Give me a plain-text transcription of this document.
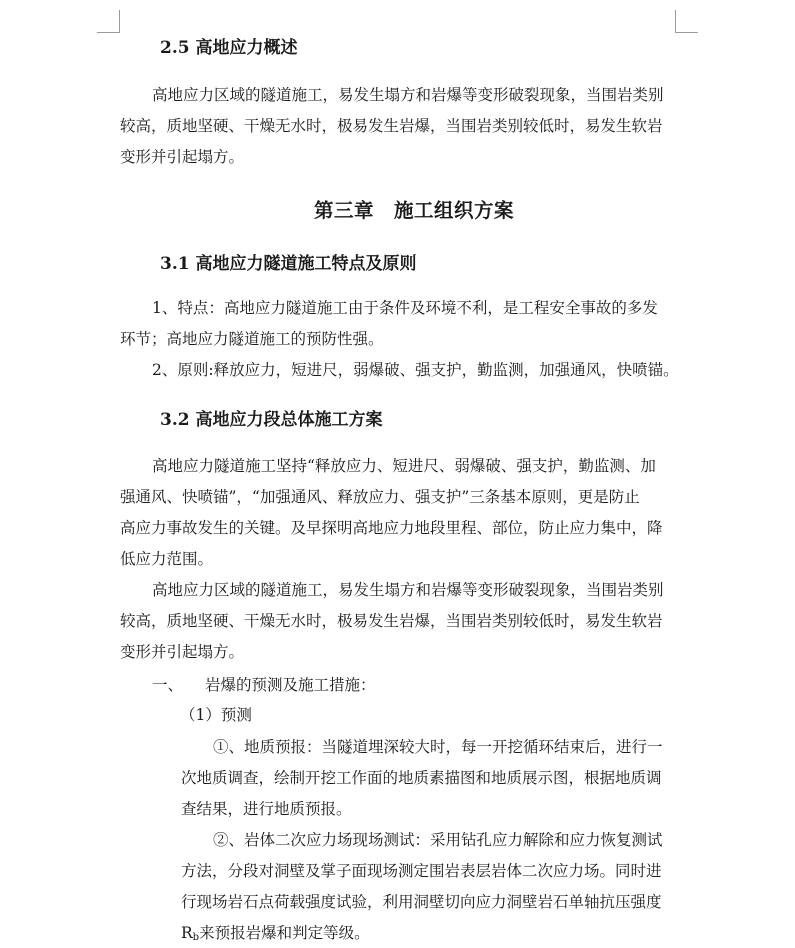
2.5 高地应力概述
高地应力区域的隧道施工，易发生塌方和岩爆等变形破裂现象，当围岩类别
较高，质地坚硬、干燥无水时，极易发生岩爆，当围岩类别较低时，易发生软岩
变形并引起塌方。
第三章　施工组织方案
3.1 高地应力隧道施工特点及原则
1、特点：高地应力隧道施工由于条件及环境不利，是工程安全事故的多发
环节；高地应力隧道施工的预防性强。
2、原则:释放应力，短进尺，弱爆破、强支护，勤监测，加强通风，快喷锚。
3.2 高地应力段总体施工方案
高地应力隧道施工坚持“释放应力、短进尺、弱爆破、强支护，勤监测、加
强通风、快喷锚”，“加强通风、释放应力、强支护”三条基本原则，更是防止
高应力事故发生的关键。及早探明高地应力地段里程、部位，防止应力集中，降
低应力范围。
高地应力区域的隧道施工，易发生塌方和岩爆等变形破裂现象，当围岩类别
较高，质地坚硬、干燥无水时，极易发生岩爆，当围岩类别较低时，易发生软岩
变形并引起塌方。
一、 岩爆的预测及施工措施：
（1）预测
①、地质预报：当隧道埋深较大时，每一开挖循环结束后，进行一
次地质调查，绘制开挖工作面的地质素描图和地质展示图，根据地质调
查结果，进行地质预报。
②、岩体二次应力场现场测试：采用钻孔应力解除和应力恢复测试
方法，分段对洞壁及掌子面现场测定围岩表层岩体二次应力场。同时进
行现场岩石点荷载强度试验，利用洞壁切向应力洞壁岩石单轴抗压强度
$R_b$来预报岩爆和判定等级。
